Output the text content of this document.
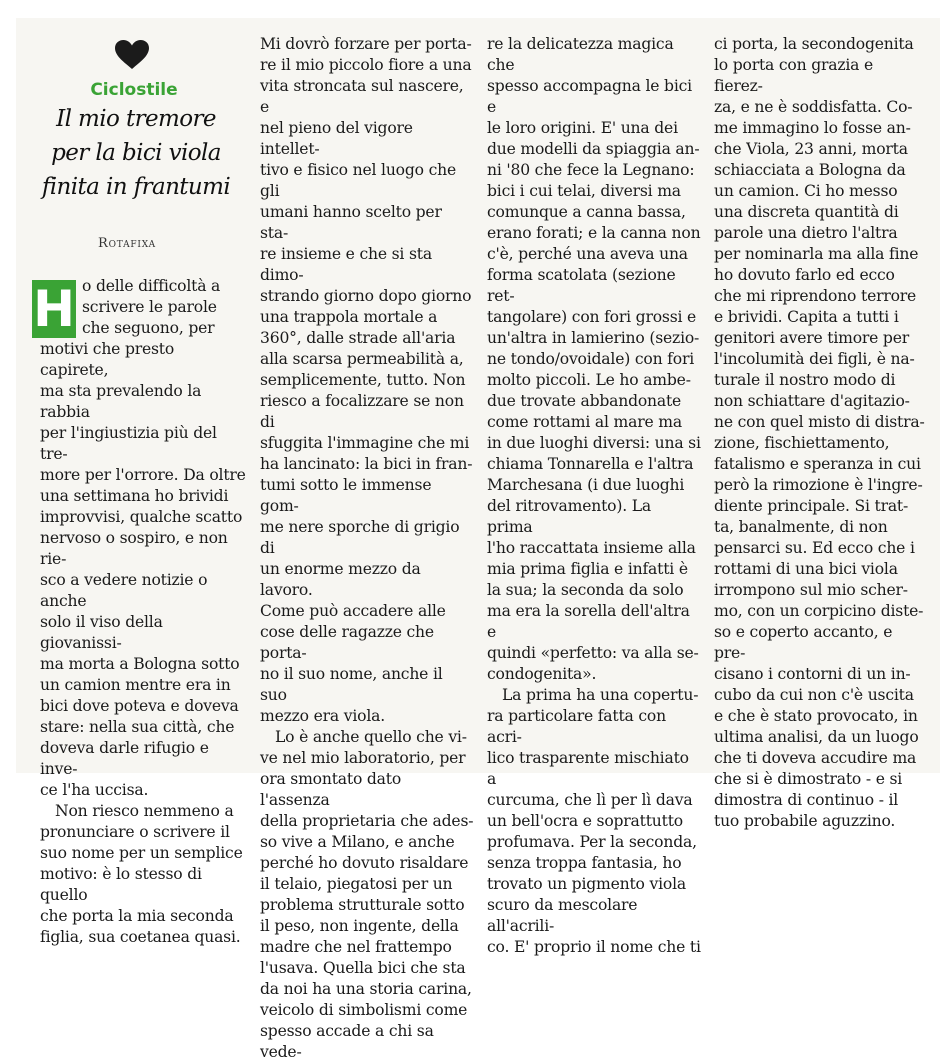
Ciclostile
Il mio tremore
per la bici viola
finita in frantumi
Rotafixa
H o delle difficoltà a

scrivere le parole

che seguono, per

motivi che presto capirete,

ma sta prevalendo la rabbia

per l'ingiustizia più del tre-

more per l'orrore. Da oltre

una settimana ho brividi

improvvisi, qualche scatto

nervoso o sospiro, e non rie-

sco a vedere notizie o anche

solo il viso della giovanissi-

ma morta a Bologna sotto

un camion mentre era in

bici dove poteva e doveva

stare: nella sua città, che

doveva darle rifugio e inve-

ce l'ha uccisa.

Non riesco nemmeno a

pronunciare o scrivere il

suo nome per un semplice

motivo: è lo stesso di quello

che porta la mia seconda

figlia, sua coetanea quasi.

Mi dovrò forzare per porta-

re il mio piccolo fiore a una

vita stroncata sul nascere, e

nel pieno del vigore intellet-

tivo e fisico nel luogo che gli

umani hanno scelto per sta-

re insieme e che si sta dimo-

strando giorno dopo giorno

una trappola mortale a

360°, dalle strade all'aria

alla scarsa permeabilità a,

semplicemente, tutto. Non

riesco a focalizzare se non di

sfuggita l'immagine che mi

ha lancinato: la bici in fran-

tumi sotto le immense gom-

me nere sporche di grigio di

un enorme mezzo da lavoro.

Come può accadere alle

cose delle ragazze che porta-

no il suo nome, anche il suo

mezzo era viola.

Lo è anche quello che vi-

ve nel mio laboratorio, per

ora smontato dato l'assenza

della proprietaria che ades-

so vive a Milano, e anche

perché ho dovuto risaldare

il telaio, piegatosi per un

problema strutturale sotto

il peso, non ingente, della

madre che nel frattempo

l'usava. Quella bici che sta

da noi ha una storia carina,

veicolo di simbolismi come

spesso accade a chi sa vede-

re la delicatezza magica che

spesso accompagna le bici e

le loro origini. E' una dei

due modelli da spiaggia an-

ni '80 che fece la Legnano:

bici i cui telai, diversi ma

comunque a canna bassa,

erano forati; e la canna non

c'è, perché una aveva una

forma scatolata (sezione ret-

tangolare) con fori grossi e

un'altra in lamierino (sezio-

ne tondo/ovoidale) con fori

molto piccoli. Le ho ambe-

due trovate abbandonate

come rottami al mare ma

in due luoghi diversi: una si

chiama Tonnarella e l'altra

Marchesana (i due luoghi

del ritrovamento). La prima

l'ho raccattata insieme alla

mia prima figlia e infatti è

la sua; la seconda da solo

ma era la sorella dell'altra e

quindi «perfetto: va alla se-

condogenita».

La prima ha una copertu-

ra particolare fatta con acri-

lico trasparente mischiato a

curcuma, che lì per lì dava

un bell'ocra e soprattutto

profumava. Per la seconda,

senza troppa fantasia, ho

trovato un pigmento viola

scuro da mescolare all'acrili-

co. E' proprio il nome che ti

ci porta, la secondogenita

lo porta con grazia e fierez-

za, e ne è soddisfatta. Co-

me immagino lo fosse an-

che Viola, 23 anni, morta

schiacciata a Bologna da

un camion. Ci ho messo

una discreta quantità di

parole una dietro l'altra

per nominarla ma alla fine

ho dovuto farlo ed ecco

che mi riprendono terrore

e brividi. Capita a tutti i

genitori avere timore per

l'incolumità dei figli, è na-

turale il nostro modo di

non schiattare d'agitazio-

ne con quel misto di distra-

zione, fischiettamento,

fatalismo e speranza in cui

però la rimozione è l'ingre-

diente principale. Si trat-

ta, banalmente, di non

pensarci su. Ed ecco che i

rottami di una bici viola

irrompono sul mio scher-

mo, con un corpicino diste-

so e coperto accanto, e pre-

cisano i contorni di un in-

cubo da cui non c'è uscita

e che è stato provocato, in

ultima analisi, da un luogo

che ti doveva accudire ma

che si è dimostrato - e si

dimostra di continuo - il

tuo probabile aguzzino.
